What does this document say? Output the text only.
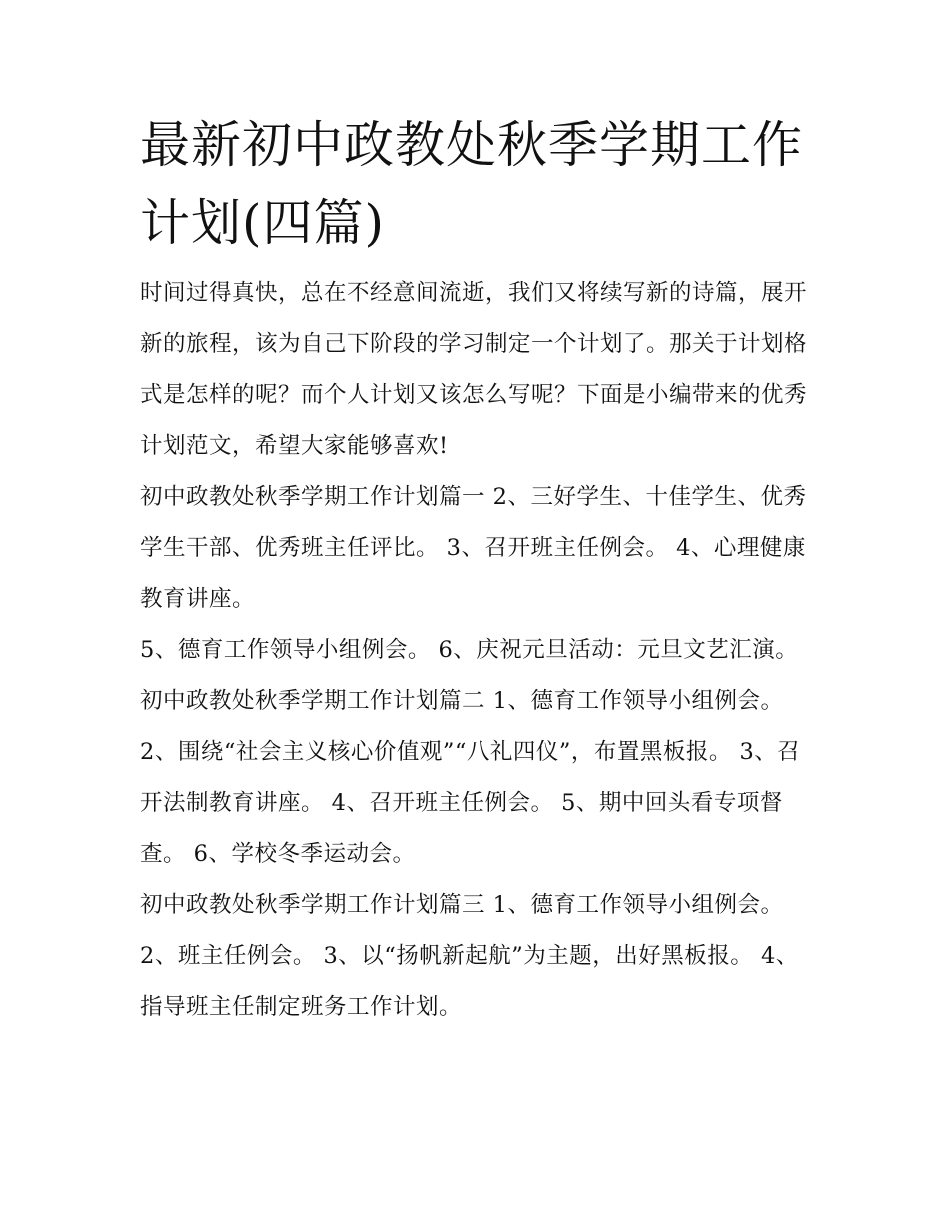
最新初中政教处秋季学期工作计划(四篇)

时间过得真快，总在不经意间流逝，我们又将续写新的诗篇，展开新的旅程，该为自己下阶段的学习制定一个计划了。那关于计划格式是怎样的呢？而个人计划又该怎么写呢？下面是小编带来的优秀计划范文，希望大家能够喜欢!

初中政教处秋季学期工作计划篇一 2、三好学生、十佳学生、优秀学生干部、优秀班主任评比。 3、召开班主任例会。 4、心理健康教育讲座。

5、德育工作领导小组例会。 6、庆祝元旦活动：元旦文艺汇演。 初中政教处秋季学期工作计划篇二 1、德育工作领导小组例会。

2、围绕“社会主义核心价值观”“八礼四仪”，布置黑板报。 3、召开法制教育讲座。 4、召开班主任例会。 5、期中回头看专项督查。 6、学校冬季运动会。

初中政教处秋季学期工作计划篇三 1、德育工作领导小组例会。 2、班主任例会。 3、以“扬帆新起航”为主题，出好黑板报。 4、指导班主任制定班务工作计划。
